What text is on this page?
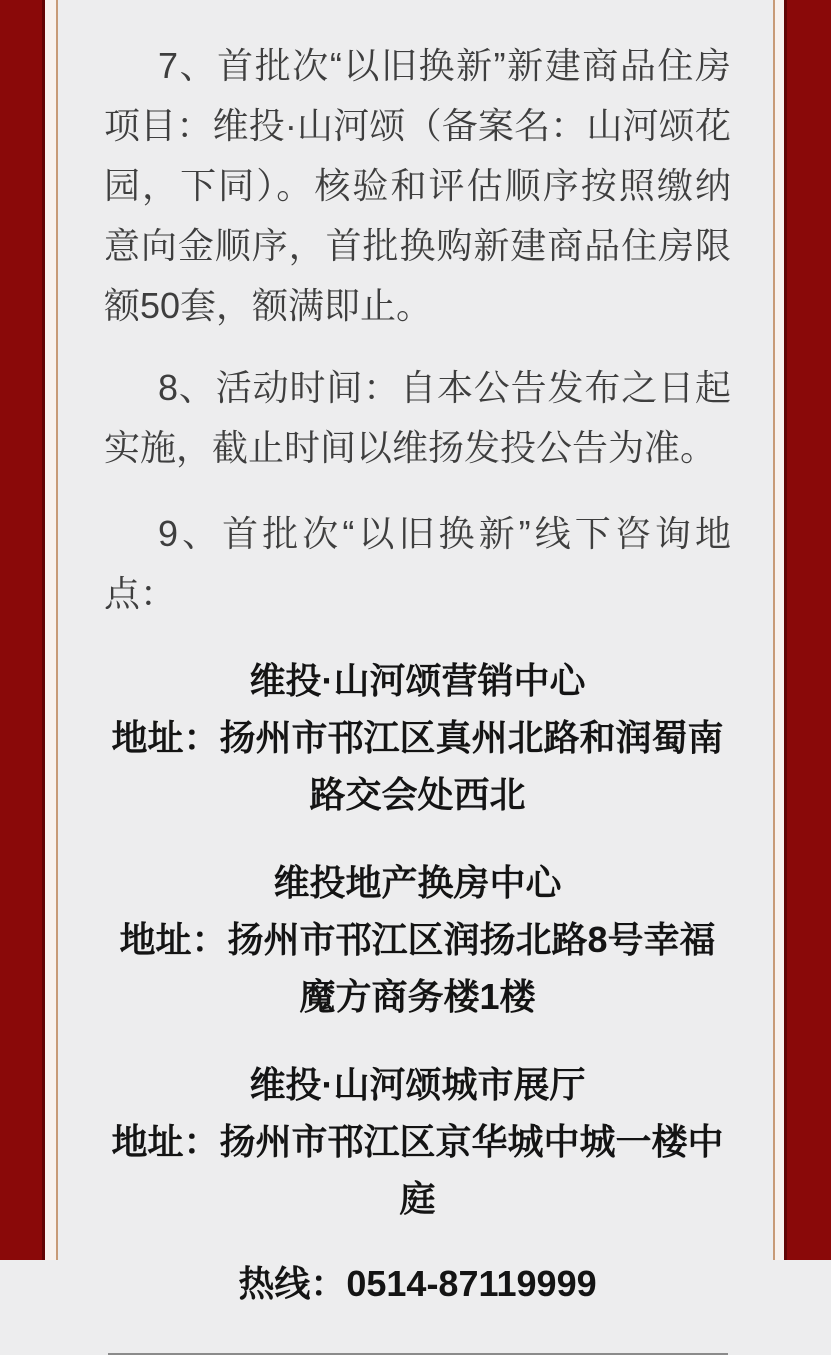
7、首批次“以旧换新”新建商品住房项目：维投·山河颂（备案名：山河颂花园，下同）。核验和评估顺序按照缴纳意向金顺序，首批换购新建商品住房限额50套，额满即止。

8、活动时间：自本公告发布之日起实施，截止时间以维扬发投公告为准。

9、首批次“以旧换新”线下咨询地点：

维投·山河颂营销中心
地址：扬州市邗江区真州北路和润蜀南路交会处西北
维投地产换房中心
地址：扬州市邗江区润扬北路8号幸福魔方商务楼1楼
维投·山河颂城市展厅
地址：扬州市邗江区京华城中城一楼中庭
热线：0514-87119999
